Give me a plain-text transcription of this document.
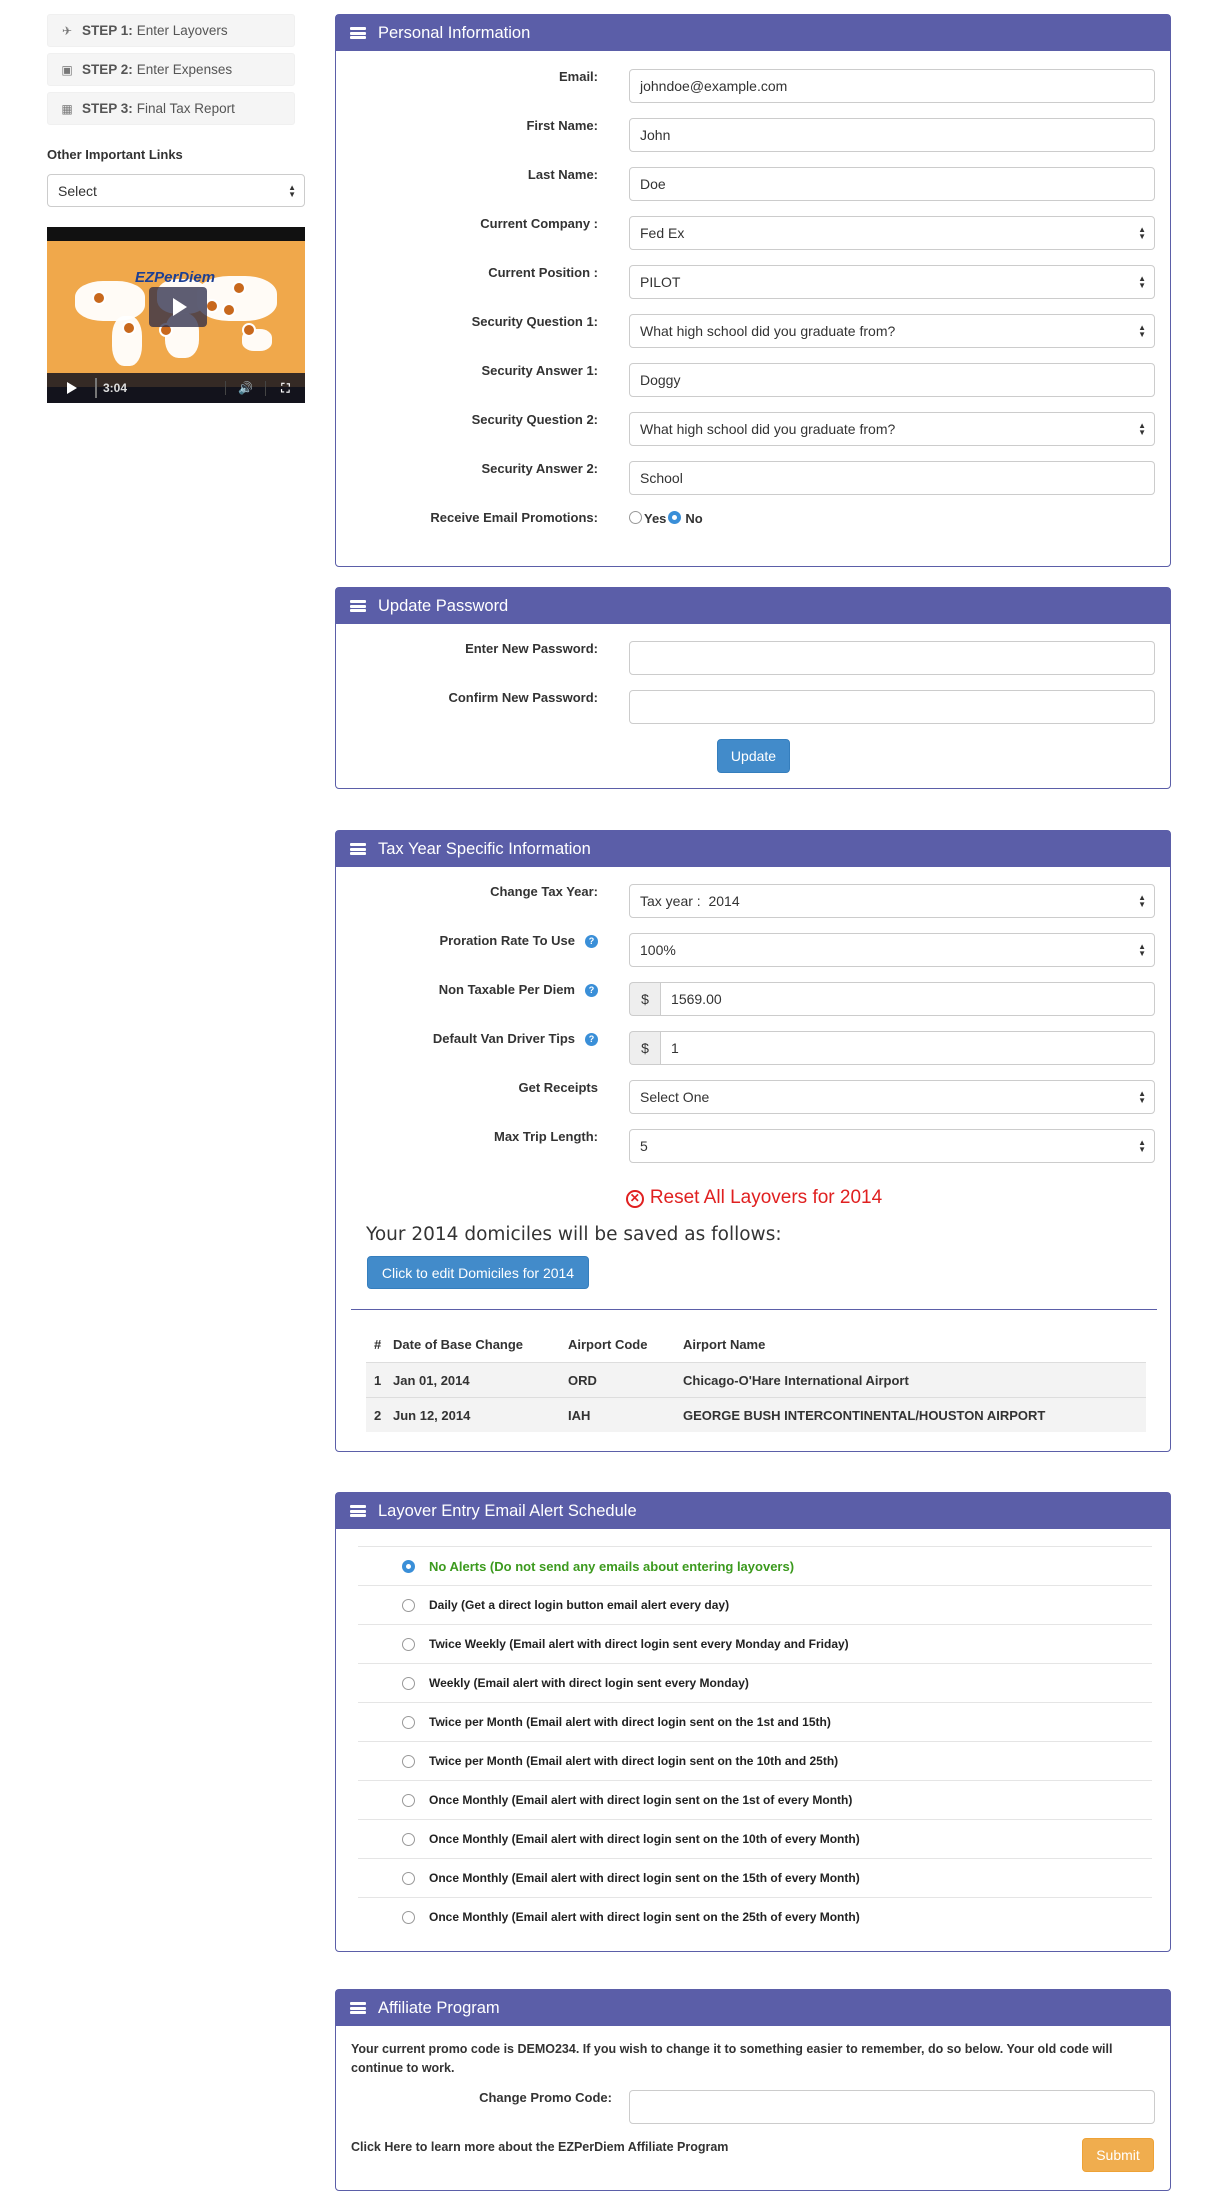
✈ STEP 1: Enter Layovers
▣ STEP 2: Enter Expenses
▦ STEP 3: Final Tax Report
Other Important Links
Select	▲
▼
EZPerDiem
3:04	🔊	⛶
Personal Information
Email:
johndoe@example.com
First Name:
John
Last Name:
Doe
Current Company :
Fed Ex	▲
▼
Current Position :
PILOT	▲
▼
Security Question 1:
What high school did you graduate from?	▲
▼
Security Answer 1:
Doggy
Security Question 2:
What high school did you graduate from?	▲
▼
Security Answer 2:
School
Receive Email Promotions:	Yes No
Update Password
Enter New Password:
Confirm New Password:
Update
Tax Year Specific Information
Change Tax Year:
Tax year :  2014	▲
▼
Proration Rate To Use ?
100%	▲
▼
Non Taxable Per Diem ?
$	1569.00
Default Van Driver Tips ?
$	1
Get Receipts
Select One	▲
▼
Max Trip Length:
5	▲
▼
✕ Reset All Layovers for 2014
Your 2014 domiciles will be saved as follows:
Click to edit Domiciles for 2014
# Date of Base Change	Airport Code	Airport Name
1 Jan 01, 2014	ORD	Chicago-O'Hare International Airport
2 Jun 12, 2014	IAH	GEORGE BUSH INTERCONTINENTAL/HOUSTON AIRPORT
Layover Entry Email Alert Schedule
No Alerts (Do not send any emails about entering layovers)
Daily (Get a direct login button email alert every day)
Twice Weekly (Email alert with direct login sent every Monday and Friday)
Weekly (Email alert with direct login sent every Monday)
Twice per Month (Email alert with direct login sent on the 1st and 15th)
Twice per Month (Email alert with direct login sent on the 10th and 25th)
Once Monthly (Email alert with direct login sent on the 1st of every Month)
Once Monthly (Email alert with direct login sent on the 10th of every Month)
Once Monthly (Email alert with direct login sent on the 15th of every Month)
Once Monthly (Email alert with direct login sent on the 25th of every Month)
Affiliate Program
Your current promo code is DEMO234. If you wish to change it to something easier to remember, do so below. Your old code will continue to work.
Change Promo Code:
Click Here to learn more about the EZPerDiem Affiliate Program	Submit
